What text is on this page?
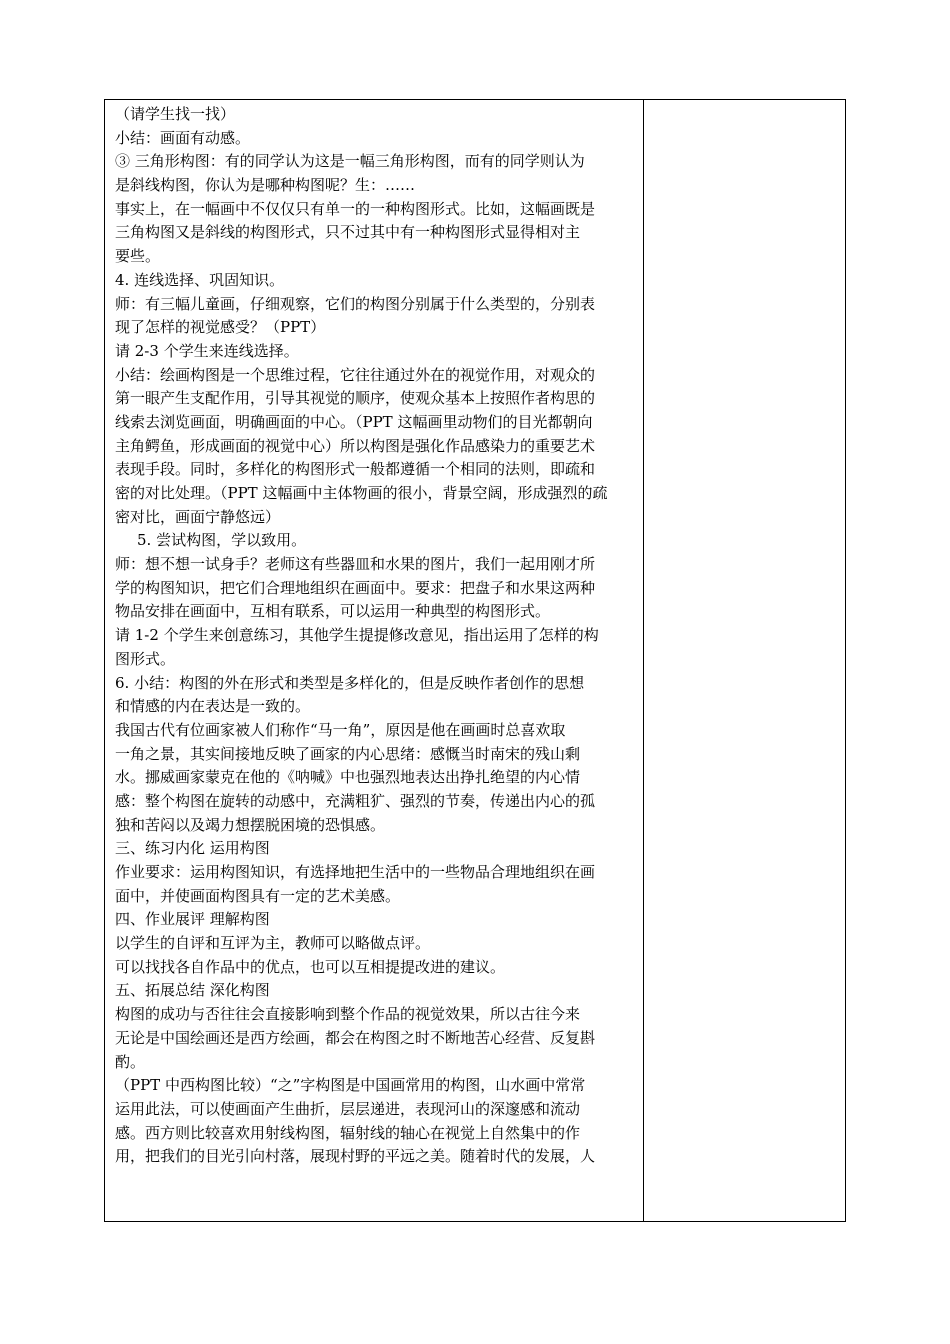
（请学生找一找）
小结：画面有动感。
③ 三角形构图：有的同学认为这是一幅三角形构图，而有的同学则认为
是斜线构图，你认为是哪种构图呢？生：……
事实上，在一幅画中不仅仅只有单一的一种构图形式。比如，这幅画既是
三角构图又是斜线的构图形式，只不过其中有一种构图形式显得相对主
要些。
4. 连线选择、巩固知识。
师：有三幅儿童画，仔细观察，它们的构图分别属于什么类型的，分别表
现了怎样的视觉感受？（PPT）
请 2-3 个学生来连线选择。
小结：绘画构图是一个思维过程，它往往通过外在的视觉作用，对观众的
第一眼产生支配作用，引导其视觉的顺序，使观众基本上按照作者构思的
线索去浏览画面，明确画面的中心。（PPT 这幅画里动物们的目光都朝向
主角鳄鱼，形成画面的视觉中心）所以构图是强化作品感染力的重要艺术
表现手段。同时，多样化的构图形式一般都遵循一个相同的法则，即疏和
密的对比处理。（PPT 这幅画中主体物画的很小，背景空阔，形成强烈的疏
密对比，画面宁静悠远）
5. 尝试构图，学以致用。
师：想不想一试身手？老师这有些器皿和水果的图片，我们一起用刚才所
学的构图知识，把它们合理地组织在画面中。要求：把盘子和水果这两种
物品安排在画面中，互相有联系，可以运用一种典型的构图形式。
请 1-2 个学生来创意练习，其他学生提提修改意见，指出运用了怎样的构
图形式。
6. 小结：构图的外在形式和类型是多样化的，但是反映作者创作的思想
和情感的内在表达是一致的。
我国古代有位画家被人们称作“马一角”，原因是他在画画时总喜欢取
一角之景，其实间接地反映了画家的内心思绪：感慨当时南宋的残山剩
水。挪威画家蒙克在他的《呐喊》中也强烈地表达出挣扎绝望的内心情
感：整个构图在旋转的动感中，充满粗犷、强烈的节奏，传递出内心的孤
独和苦闷以及竭力想摆脱困境的恐惧感。
三、练习内化 运用构图
作业要求：运用构图知识，有选择地把生活中的一些物品合理地组织在画
面中，并使画面构图具有一定的艺术美感。
四、作业展评 理解构图
以学生的自评和互评为主，教师可以略做点评。
可以找找各自作品中的优点，也可以互相提提改进的建议。
五、拓展总结 深化构图
构图的成功与否往往会直接影响到整个作品的视觉效果，所以古往今来
无论是中国绘画还是西方绘画，都会在构图之时不断地苦心经营、反复斟
酌。
（PPT 中西构图比较）“之”字构图是中国画常用的构图，山水画中常常
运用此法，可以使画面产生曲折，层层递进，表现河山的深邃感和流动
感。西方则比较喜欢用射线构图，辐射线的轴心在视觉上自然集中的作
用，把我们的目光引向村落，展现村野的平远之美。随着时代的发展，人
